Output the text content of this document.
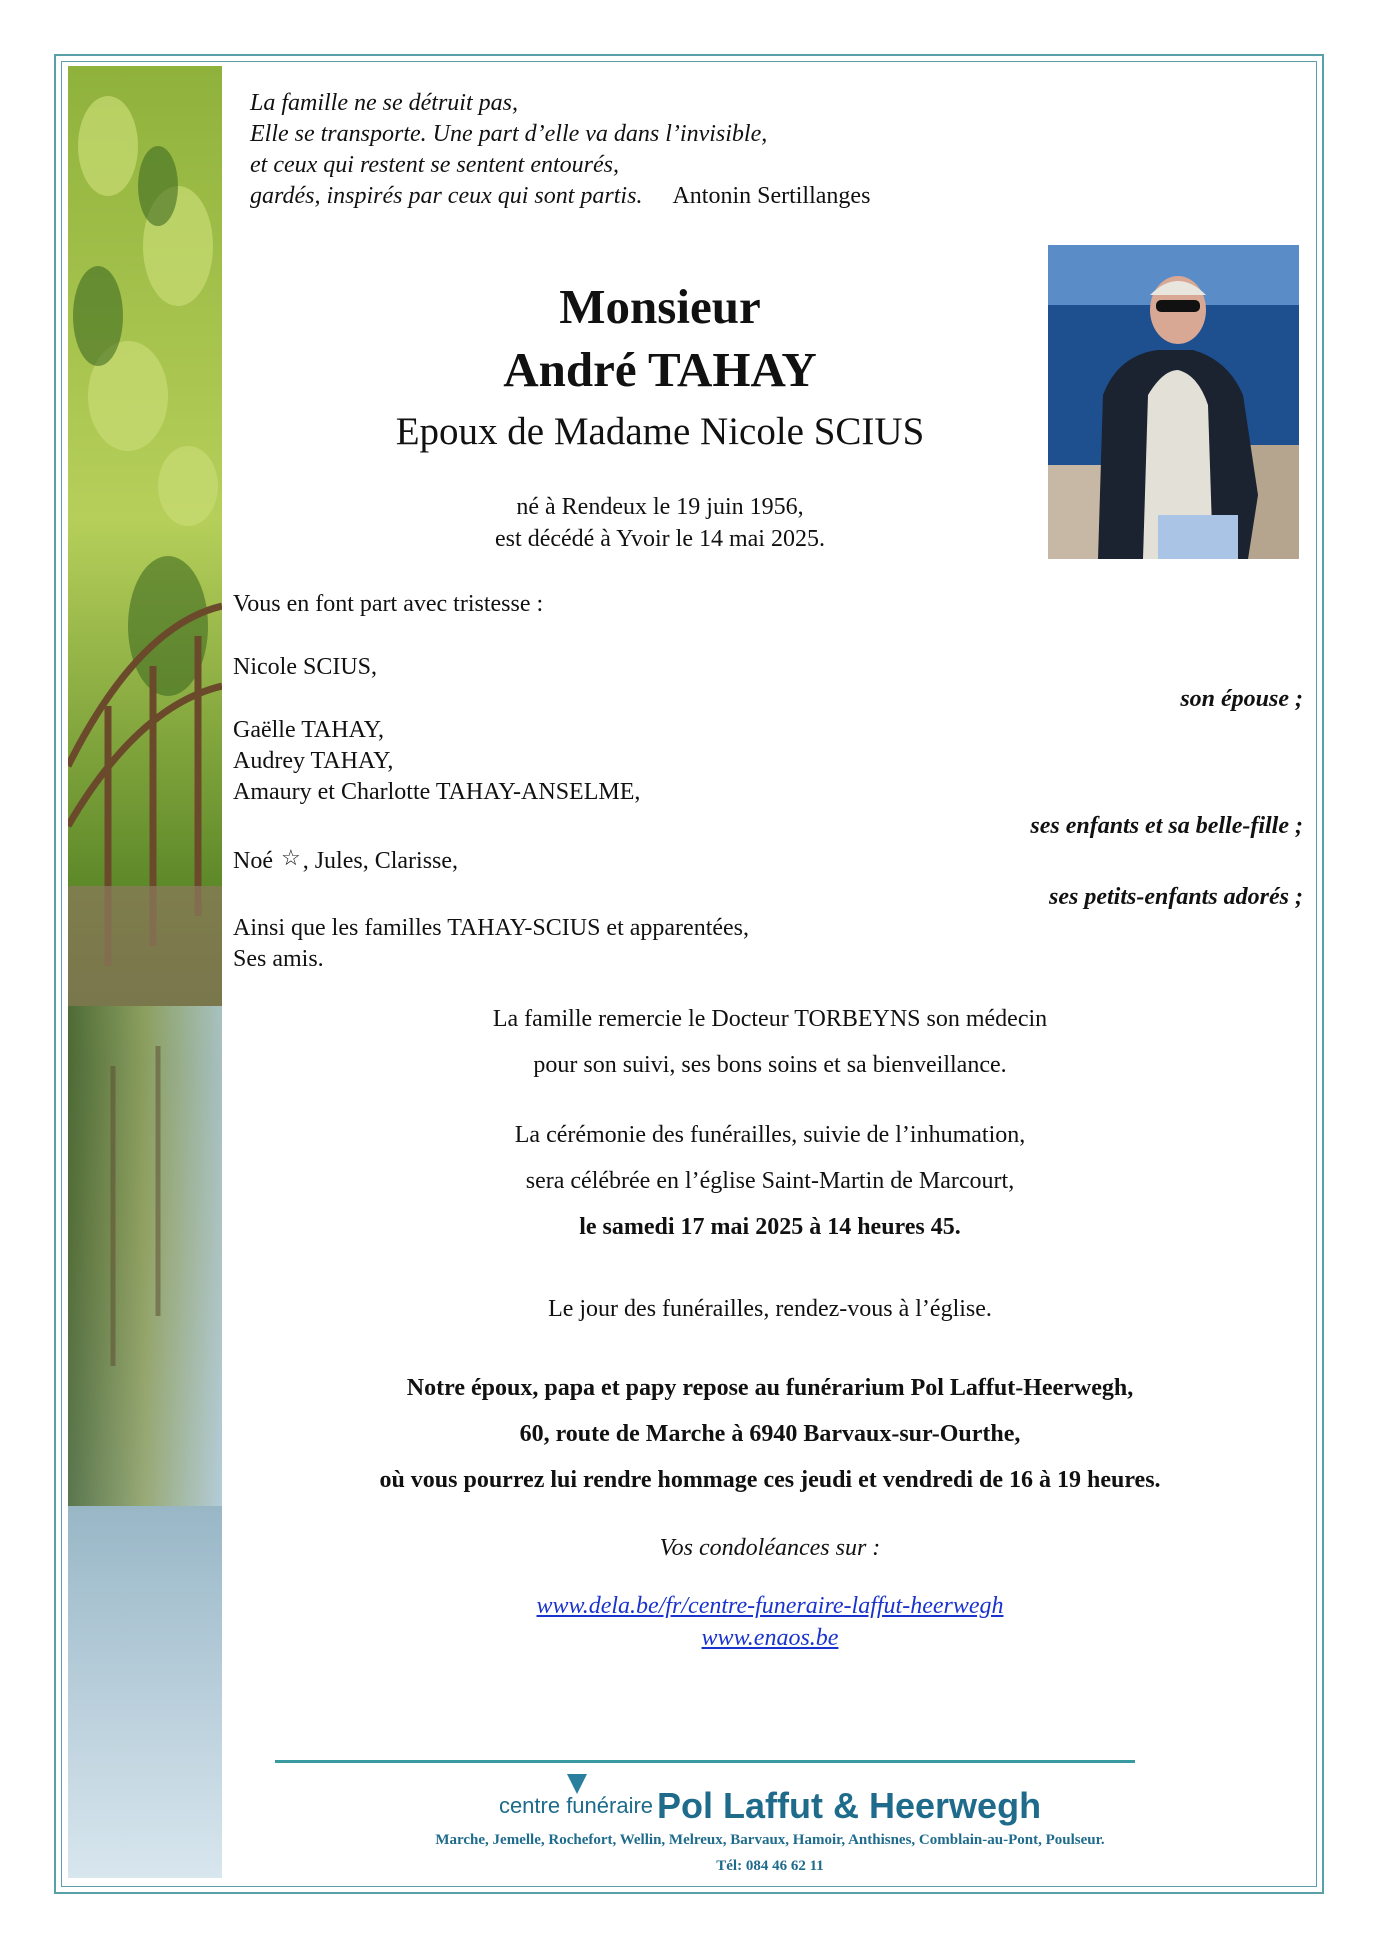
La famille ne se détruit pas,
Elle se transporte. Une part d’elle va dans l’invisible,
et ceux qui restent se sentent entourés,
gardés, inspirés par ceux qui sont partis. Antonin Sertillanges
Monsieur
André TAHAY
Epoux de Madame Nicole SCIUS
né à Rendeux le 19 juin 1956,
est décédé à Yvoir le 14 mai 2025.
Vous en font part avec tristesse :
Nicole SCIUS,
son épouse ;
Gaëlle TAHAY,
Audrey TAHAY,
Amaury et Charlotte TAHAY-ANSELME,
ses enfants et sa belle-fille ;
Noé ☆, Jules, Clarisse,
ses petits-enfants adorés ;
Ainsi que les familles TAHAY-SCIUS et apparentées,
Ses amis.
La famille remercie le Docteur TORBEYNS son médecin
pour son suivi, ses bons soins et sa bienveillance.
La cérémonie des funérailles, suivie de l’inhumation,
sera célébrée en l’église Saint-Martin de Marcourt,
le samedi 17 mai 2025 à 14 heures 45.
Le jour des funérailles, rendez-vous à l’église.
Notre époux, papa et papy repose au funérarium Pol Laffut-Heerwegh,
60, route de Marche à 6940 Barvaux-sur-Ourthe,
où vous pourrez lui rendre hommage ces jeudi et vendredi de 16 à 19 heures.
Vos condoléances sur :
www.dela.be/fr/centre-funeraire-laffut-heerwegh
www.enaos.be
centre funéraire Pol Laffut & Heerwegh
Marche, Jemelle, Rochefort, Wellin, Melreux, Barvaux, Hamoir, Anthisnes, Comblain-au-Pont, Poulseur.
Tél: 084 46 62 11
